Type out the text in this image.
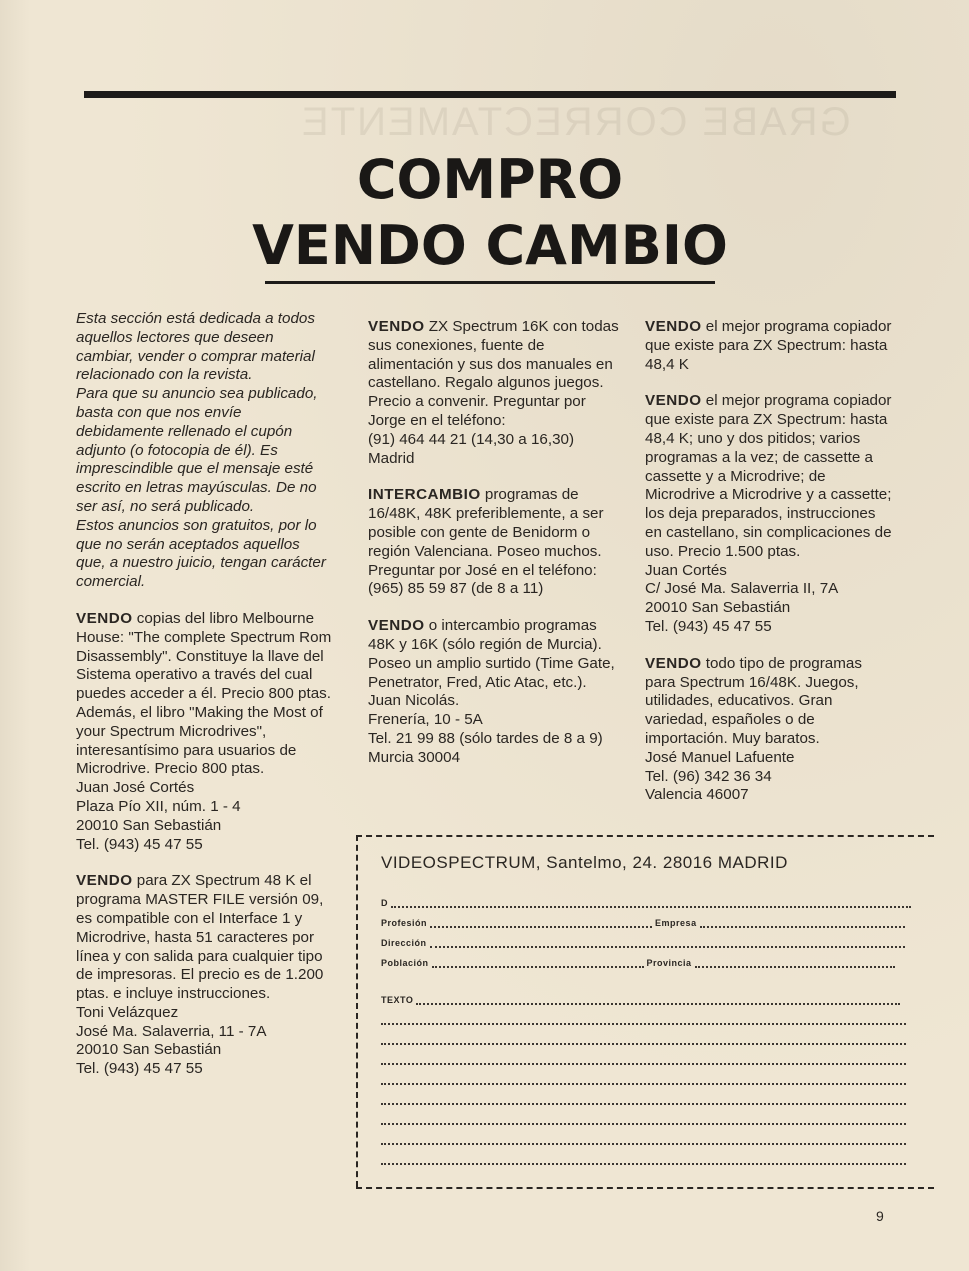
GRABE CORRECTAMENTE
COMPRO
VENDO CAMBIO

Esta sección está dedicada a todos aquellos lectores que deseen cambiar, vender o comprar material relacionado con la revista.

Para que su anuncio sea publicado, basta con que nos envíe debidamente rellenado el cupón adjunto (o fotocopia de él). Es imprescindible que el mensaje esté escrito en letras mayúsculas. De no ser así, no será publicado.

Estos anuncios son gratuitos, por lo que no serán aceptados aquellos que, a nuestro juicio, tengan carácter comercial.

VENDO copias del libro Melbourne House: "The complete Spectrum Rom Disassembly". Constituye la llave del Sistema operativo a través del cual puedes acceder a él. Precio 800 ptas.

Además, el libro "Making the Most of your Spectrum Microdrives", interesantísimo para usuarios de Microdrive. Precio 800 ptas.

Juan José Cortés
Plaza Pío XII, núm. 1 - 4
20010 San Sebastián
Tel. (943) 45 47 55

VENDO para ZX Spectrum 48 K el programa MASTER FILE versión 09, es compatible con el Interface 1 y Microdrive, hasta 51 caracteres por línea y con salida para cualquier tipo de impresoras. El precio es de 1.200 ptas. e incluye instrucciones.

Toni Velázquez
José Ma. Salaverria, 11 - 7A
20010 San Sebastián
Tel. (943) 45 47 55

VENDO ZX Spectrum 16K con todas sus conexiones, fuente de alimentación y sus dos manuales en castellano. Regalo algunos juegos. Precio a convenir. Preguntar por Jorge en el teléfono:

(91) 464 44 21 (14,30 a 16,30)
Madrid

INTERCAMBIO programas de 16/48K, 48K preferiblemente, a ser posible con gente de Benidorm o región Valenciana. Poseo muchos. Preguntar por José en el teléfono:

(965) 85 59 87 (de 8 a 11)

VENDO o intercambio programas 48K y 16K (sólo región de Murcia). Poseo un amplio surtido (Time Gate, Penetrator, Fred, Atic Atac, etc.).

Juan Nicolás.
Frenería, 10 - 5A
Tel. 21 99 88 (sólo tardes de 8 a 9)
Murcia 30004

VENDO el mejor programa copiador que existe para ZX Spectrum: hasta 48,4 K

VENDO el mejor programa copiador que existe para ZX Spectrum: hasta 48,4 K; uno y dos pitidos; varios programas a la vez; de cassette a cassette y a Microdrive; de Microdrive a Microdrive y a cassette; los deja preparados, instrucciones en castellano, sin complicaciones de uso. Precio 1.500 ptas.

Juan Cortés
C/ José Ma. Salaverria II, 7A
20010 San Sebastián
Tel. (943) 45 47 55

VENDO todo tipo de programas para Spectrum 16/48K. Juegos, utilidades, educativos. Gran variedad, españoles o de importación. Muy baratos.

José Manuel Lafuente
Tel. (96) 342 36 34
Valencia 46007
VIDEOSPECTRUM, Santelmo, 24. 28016 MADRID
D
Profesión	Empresa
Dirección
Población	Provincia
TEXTO
9
